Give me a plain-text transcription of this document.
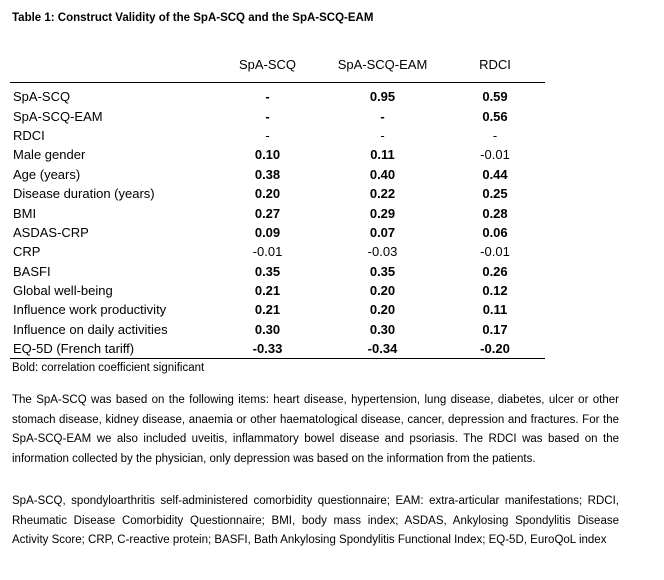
Table 1: Construct Validity of the SpA-SCQ and the SpA-SCQ-EAM
	SpA-SCQ	SpA-SCQ-EAM	RDCI

SpA-SCQ	-	0.95	0.59
SpA-SCQ-EAM	-	-	0.56
RDCI	-	-	-
Male gender	0.10	0.11	-0.01
Age (years)	0.38	0.40	0.44
Disease duration (years)	0.20	0.22	0.25
BMI	0.27	0.29	0.28
ASDAS-CRP	0.09	0.07	0.06
CRP	-0.01	-0.03	-0.01
BASFI	0.35	0.35	0.26
Global well-being	0.21	0.20	0.12
Influence work productivity	0.21	0.20	0.11
Influence on daily activities	0.30	0.30	0.17
EQ-5D (French tariff)	-0.33	-0.34	-0.20
Bold: correlation coefficient significant
The SpA-SCQ was based on the following items: heart disease, hypertension, lung disease, diabetes, ulcer or other stomach disease, kidney disease, anaemia or other haematological disease, cancer, depression and fractures. For the SpA-SCQ-EAM we also included uveitis, inflammatory bowel disease and psoriasis. The RDCI was based on the information collected by the physician, only depression was based on the information from the patients.
SpA-SCQ, spondyloarthritis self-administered comorbidity questionnaire; EAM: extra-articular manifestations; RDCI, Rheumatic Disease Comorbidity Questionnaire; BMI, body mass index; ASDAS, Ankylosing Spondylitis Disease Activity Score; CRP, C-reactive protein; BASFI, Bath Ankylosing Spondylitis Functional Index; EQ-5D, EuroQoL index
